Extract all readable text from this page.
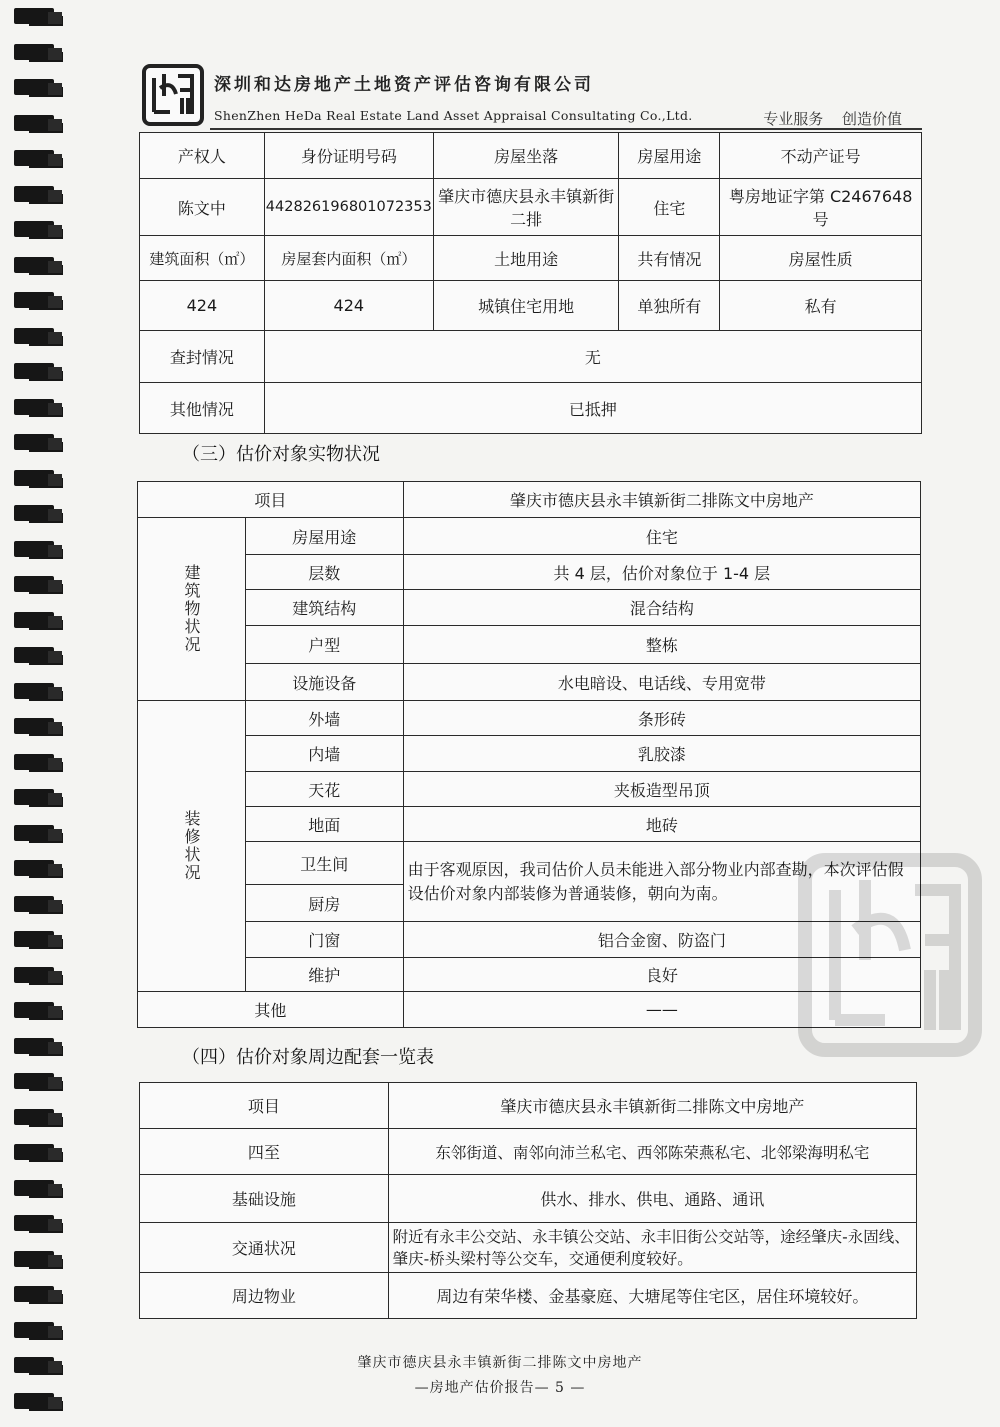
深圳和达房地产土地资产评估咨询有限公司
ShenZhen HeDa Real Estate Land Asset Appraisal Consultating Co.,Ltd.	专业服务 创造价值
产权人	身份证明号码	房屋坐落	房屋用途	不动产证号
陈文中	442826196801072353	肇庆市德庆县永丰镇新街二排	住宅	粤房地证字第 C2467648 号
建筑面积（㎡）	房屋套内面积（㎡）	土地用途	共有情况	房屋性质
424	424	城镇住宅用地	单独所有	私有
查封情况	无			
其他情况	已抵押			
（三）估价对象实物状况
项目		肇庆市德庆县永丰镇新街二排陈文中房地产
建筑物状况	房屋用途	住宅
	层数	共 4 层，估价对象位于 1-4 层
	建筑结构	混合结构
	户型	整栋
	设施设备	水电暗设、电话线、专用宽带
装修状况	外墙	条形砖
	内墙	乳胶漆
	天花	夹板造型吊顶
	地面	地砖
	卫生间	由于客观原因，我司估价人员未能进入部分物业内部查勘，本次评估假设估价对象内部装修为普通装修，朝向为南。
	厨房	
	门窗	铝合金窗、防盗门
	维护	良好
其他		——
（四）估价对象周边配套一览表
项目	肇庆市德庆县永丰镇新街二排陈文中房地产
四至	东邻街道、南邻向沛兰私宅、西邻陈荣燕私宅、北邻梁海明私宅
基础设施	供水、排水、供电、通路、通讯
交通状况	附近有永丰公交站、永丰镇公交站、永丰旧街公交站等，途经肇庆-永固线、肇庆-桥头梁村等公交车，交通便利度较好。
周边物业	周边有荣华楼、金基豪庭、大塘尾等住宅区，居住环境较好。
肇庆市德庆县永丰镇新街二排陈文中房地产
—房地产估价报告— 5 —
